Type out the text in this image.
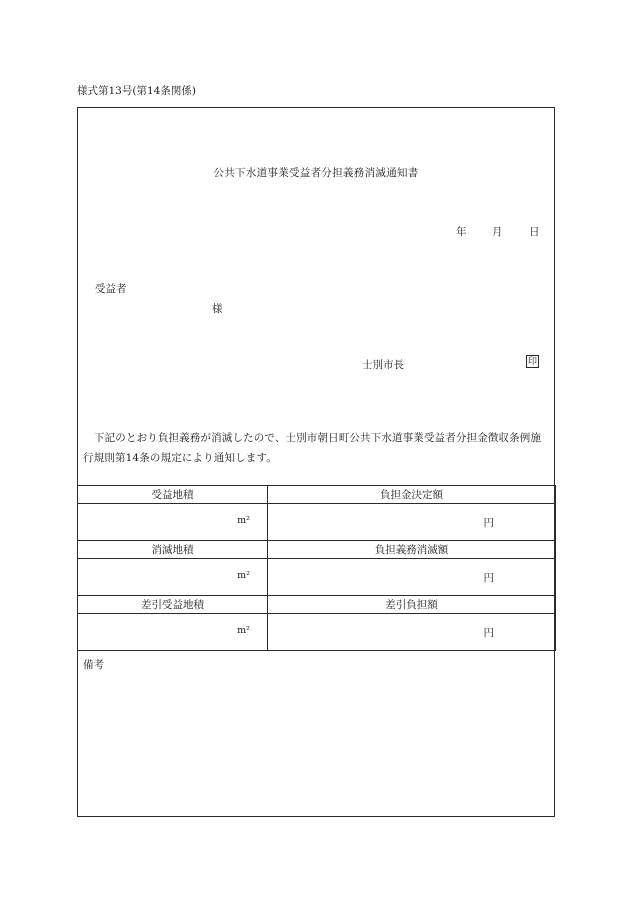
様式第13号(第14条関係)
公共下水道事業受益者分担義務消滅通知書
年 月	日
受益者
様
士別市長	印
下記のとおり負担義務が消滅したので、士別市朝日町公共下水道事業受益者分担金徴収条例施行規則第14条の規定により通知します。
受益地積	負担金決定額

m²	円

消滅地積	負担義務消滅額

m²	円

差引受益地積	差引負担額

m²	円
備考
